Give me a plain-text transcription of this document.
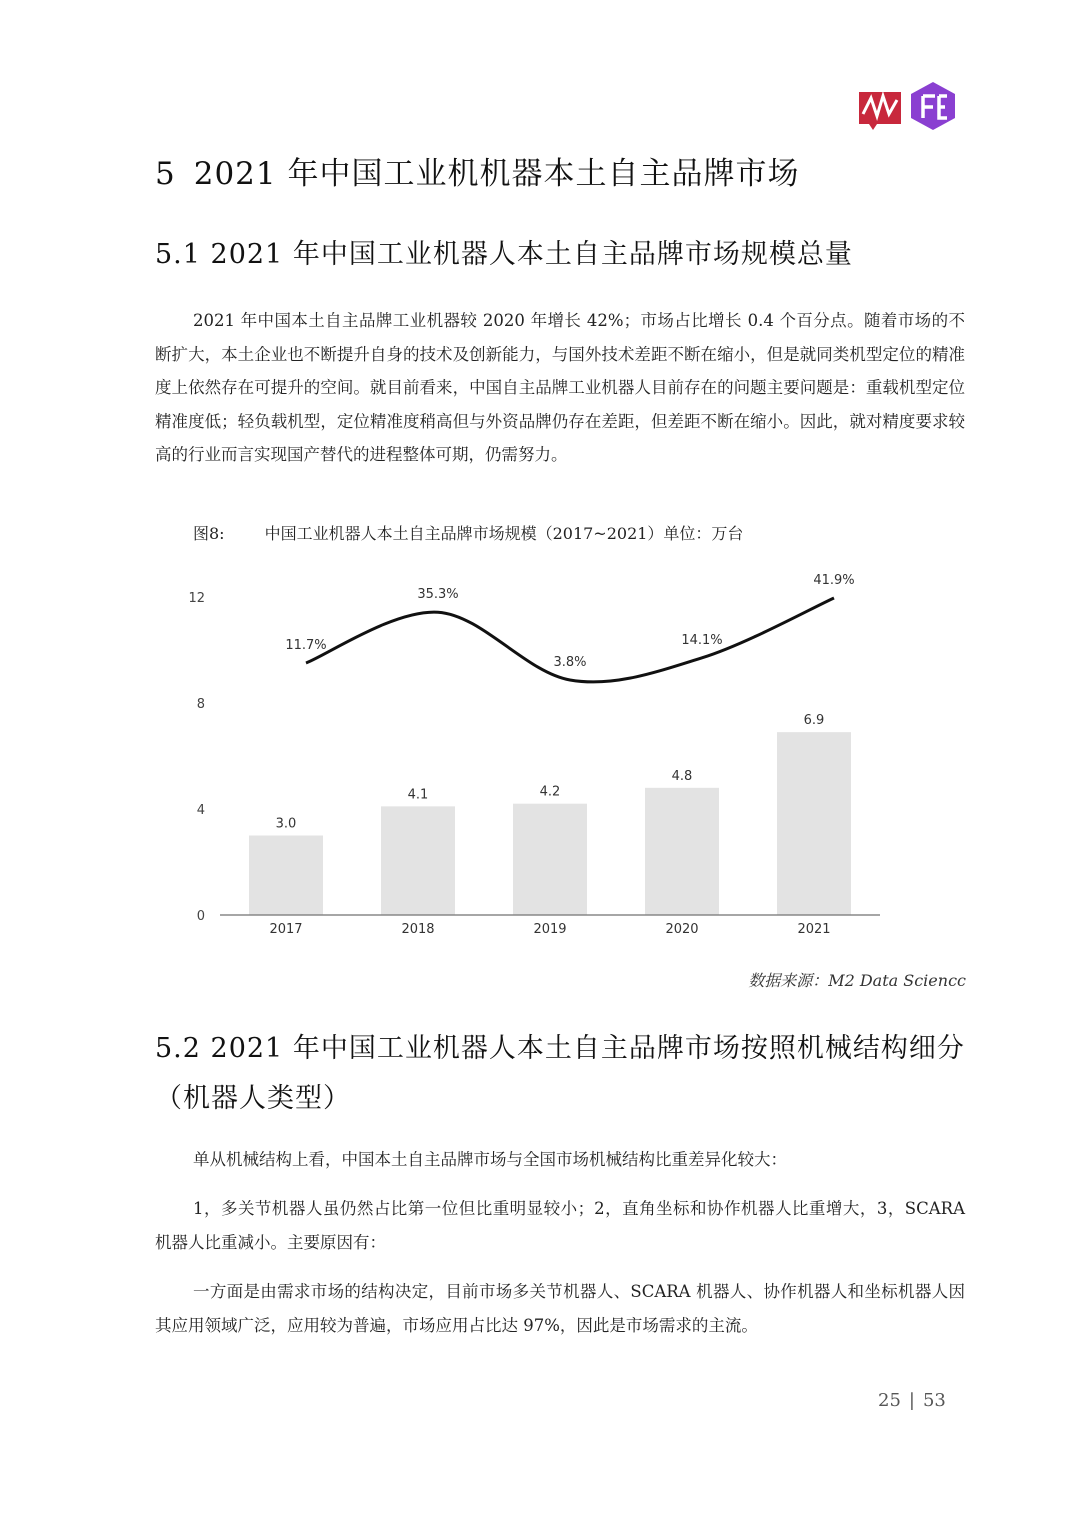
5 2021 年中国工业机机器本土自主品牌市场
5.1 2021 年中国工业机器人本土自主品牌市场规模总量

2021 年中国本土自主品牌工业机器较 2020 年增长 42%；市场占比增长 0.4 个百分点。随着市场的不断扩大，本土企业也不断提升自身的技术及创新能力，与国外技术差距不断在缩小，但是就同类机型定位的精准度上依然存在可提升的空间。就目前看来，中国自主品牌工业机器人目前存在的问题主要问题是：重载机型定位精准度低；轻负载机型，定位精准度稍高但与外资品牌仍存在差距，但差距不断在缩小。因此，就对精度要求较高的行业而言实现国产替代的进程整体可期，仍需努力。

图8:	中国工业机器人本土自主品牌市场规模（2017~2021）单位：万台
0
4
8
12
3.0
4.1	4.2
4.8
6.9
11.7%
35.3%
3.8%
14.1%
41.9%
2017	2018	2019	2020	2021
数据来源：M2 Data Sciencc
5.2 2021 年中国工业机器人本土自主品牌市场按照机械结构细分（机器人类型）

单从机械结构上看，中国本土自主品牌市场与全国市场机械结构比重差异化较大：

1，多关节机器人虽仍然占比第一位但比重明显较小；2，直角坐标和协作机器人比重增大，3，SCARA 机器人比重减小。主要原因有：

一方面是由需求市场的结构决定，目前市场多关节机器人、SCARA 机器人、协作机器人和坐标机器人因其应用领域广泛，应用较为普遍，市场应用占比达 97%，因此是市场需求的主流。

25 | 53
